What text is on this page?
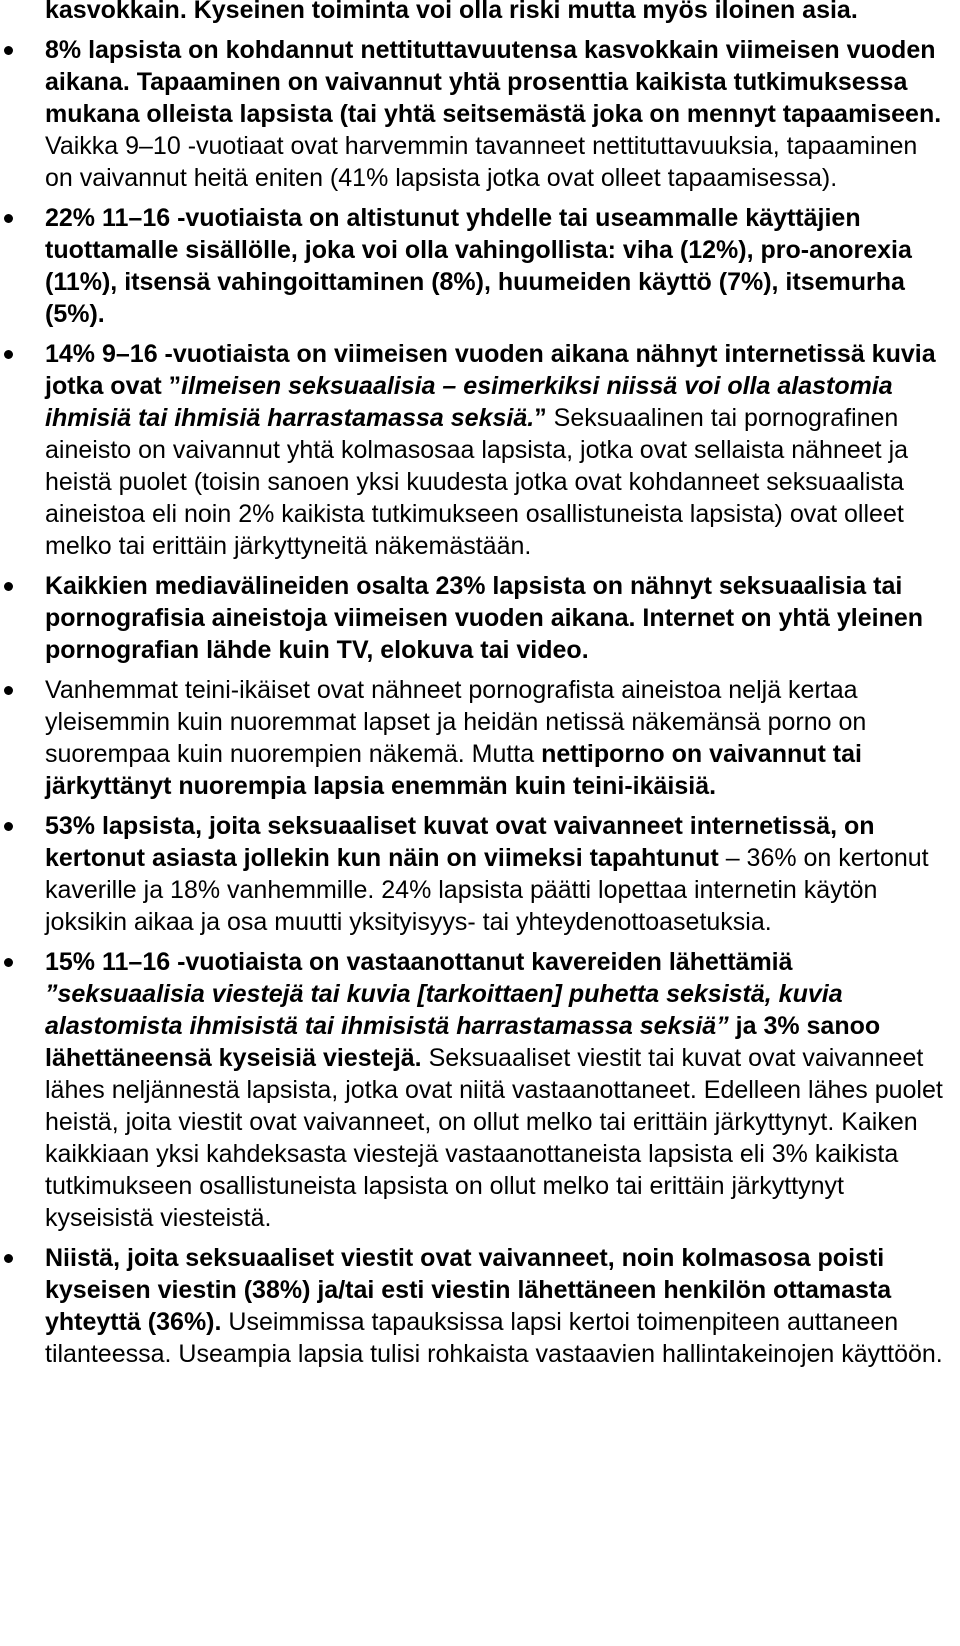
kasvokkain. Kyseinen toiminta voi olla riski mutta myös iloinen asia.

8% lapsista on kohdannut nettituttavuutensa kasvokkain viimeisen vuoden aikana. Tapaaminen on vaivannut yhtä prosenttia kaikista tutkimuksessa mukana olleista lapsista (tai yhtä seitsemästä joka on mennyt tapaamiseen. Vaikka 9–10 -vuotiaat ovat harvemmin tavanneet nettituttavuuksia, tapaaminen on vaivannut heitä eniten (41% lapsista jotka ovat olleet tapaamisessa).
22% 11–16 -vuotiaista on altistunut yhdelle tai useammalle käyttäjien tuottamalle sisällölle, joka voi olla vahingollista: viha (12%), pro-anorexia (11%), itsensä vahingoittaminen (8%), huumeiden käyttö (7%), itsemurha (5%).
14% 9–16 -vuotiaista on viimeisen vuoden aikana nähnyt internetissä kuvia jotka ovat ”ilmeisen seksuaalisia – esimerkiksi niissä voi olla alastomia ihmisiä tai ihmisiä harrastamassa seksiä.” Seksuaalinen tai pornografinen aineisto on vaivannut yhtä kolmasosaa lapsista, jotka ovat sellaista nähneet ja heistä puolet (toisin sanoen yksi kuudesta jotka ovat kohdanneet seksuaalista aineistoa eli noin 2% kaikista tutkimukseen osallistuneista lapsista) ovat olleet melko tai erittäin järkyttyneitä näkemästään.
Kaikkien mediavälineiden osalta 23% lapsista on nähnyt seksuaalisia tai pornografisia aineistoja viimeisen vuoden aikana. Internet on yhtä yleinen pornografian lähde kuin TV, elokuva tai video.
Vanhemmat teini-ikäiset ovat nähneet pornografista aineistoa neljä kertaa yleisemmin kuin nuoremmat lapset ja heidän netissä näkemänsä porno on suorempaa kuin nuorempien näkemä. Mutta nettiporno on vaivannut tai järkyttänyt nuorempia lapsia enemmän kuin teini-ikäisiä.
53% lapsista, joita seksuaaliset kuvat ovat vaivanneet internetissä, on kertonut asiasta jollekin kun näin on viimeksi tapahtunut – 36% on kertonut kaverille ja 18% vanhemmille. 24% lapsista päätti lopettaa internetin käytön joksikin aikaa ja osa muutti yksityisyys- tai yhteydenottoasetuksia.
15% 11–16 -vuotiaista on vastaanottanut kavereiden lähettämiä ”seksuaalisia viestejä tai kuvia [tarkoittaen] puhetta seksistä, kuvia alastomista ihmisistä tai ihmisistä harrastamassa seksiä” ja 3% sanoo lähettäneensä kyseisiä viestejä. Seksuaaliset viestit tai kuvat ovat vaivanneet lähes neljännestä lapsista, jotka ovat niitä vastaanottaneet. Edelleen lähes puolet heistä, joita viestit ovat vaivanneet, on ollut melko tai erittäin järkyttynyt. Kaiken kaikkiaan yksi kahdeksasta viestejä vastaanottaneista lapsista eli 3% kaikista tutkimukseen osallistuneista lapsista on ollut melko tai erittäin järkyttynyt kyseisistä viesteistä.
Niistä, joita seksuaaliset viestit ovat vaivanneet, noin kolmasosa poisti kyseisen viestin (38%) ja/tai esti viestin lähettäneen henkilön ottamasta yhteyttä (36%). Useimmissa tapauksissa lapsi kertoi toimenpiteen auttaneen tilanteessa. Useampia lapsia tulisi rohkaista vastaavien hallintakeinojen käyttöön.
